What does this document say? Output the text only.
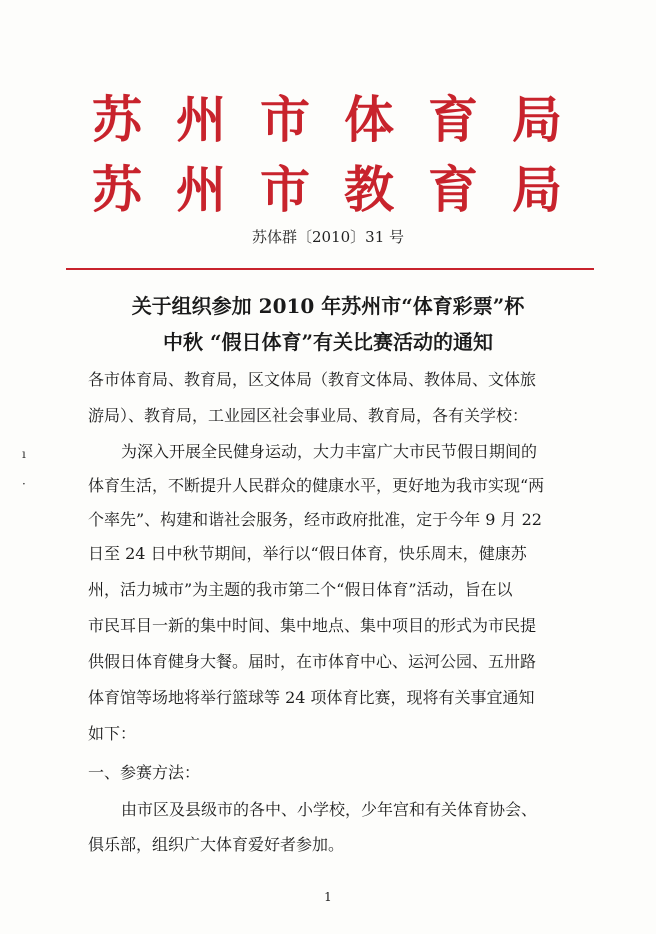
苏 州 市 体 育 局
苏 州 市 教 育 局
苏体群〔2010〕31 号
关于组织参加 2010 年苏州市“体育彩票”杯
中秋 “假日体育”有关比赛活动的通知
各市体育局、教育局，区文体局（教育文体局、教体局、文体旅
游局）、教育局，工业园区社会事业局、教育局，各有关学校：
为深入开展全民健身运动，大力丰富广大市民节假日期间的
体育生活，不断提升人民群众的健康水平，更好地为我市实现“两
个率先”、构建和谐社会服务，经市政府批准，定于今年 9 月 22
日至 24 日中秋节期间，举行以“假日体育，快乐周末，健康苏
州，活力城市”为主题的我市第二个“假日体育”活动，旨在以
市民耳目一新的集中时间、集中地点、集中项目的形式为市民提
供假日体育健身大餐。届时，在市体育中心、运河公园、五卅路
体育馆等场地将举行篮球等 24 项体育比赛，现将有关事宜通知
如下：
一、参赛方法：
由市区及县级市的各中、小学校，少年宫和有关体育协会、
俱乐部，组织广大体育爱好者参加。
ı
·
1
